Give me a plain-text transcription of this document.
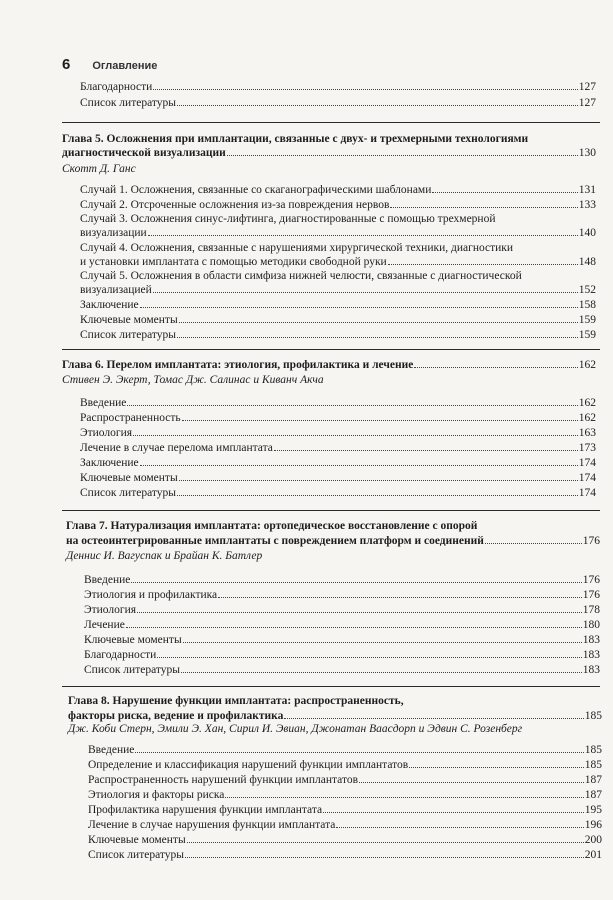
6 Оглавление
Благодарности	127
Список литературы	127
Глава 5. Осложнения при имплантации, связанные с двух- и трехмерными технологиями
диагностической визуализации	130
Скотт Д. Ганс
Случай 1. Осложнения, связанные со скаганографическими шаблонами	131
Случай 2. Отсроченные осложнения из-за повреждения нервов	133
Случай 3. Осложнения синус-лифтинга, диагностированные с помощью трехмерной
визуализации	140
Случай 4. Осложнения, связанные с нарушениями хирургической техники, диагностики
и установки имплантата с помощью методики свободной руки	148
Случай 5. Осложнения в области симфиза нижней челюсти, связанные с диагностической
визуализацией	152
Заключение	158
Ключевые моменты	159
Список литературы	159
Глава 6. Перелом имплантата: этиология, профилактика и лечение	162
Стивен Э. Экерт, Томас Дж. Салинас и Киванч Акча
Введение	162
Распространенность	162
Этиология	163
Лечение в случае перелома имплантата	173
Заключение	174
Ключевые моменты	174
Список литературы	174
Глава 7. Натурализация имплантата: ортопедическое восстановление с опорой
на остеоинтегрированные имплантаты с повреждением платформ и соединений	176
Деннис И. Вагуспак и Брайан К. Батлер
Введение	176
Этиология и профилактика	176
Этиология	178
Лечение	180
Ключевые моменты	183
Благодарности	183
Список литературы	183
Глава 8. Нарушение функции имплантата: распространенность,
факторы риска, ведение и профилактика	185
Дж. Коби Стерн, Эмили Э. Хан, Сирил И. Эвиан, Джонатан Ваасдорп и Эдвин С. Розенберг
Введение	185
Определение и классификация нарушений функции имплантатов	185
Распространенность нарушений функции имплантатов	187
Этиология и факторы риска	187
Профилактика нарушения функции имплантата	195
Лечение в случае нарушения функции имплантата	196
Ключевые моменты	200
Список литературы	201
